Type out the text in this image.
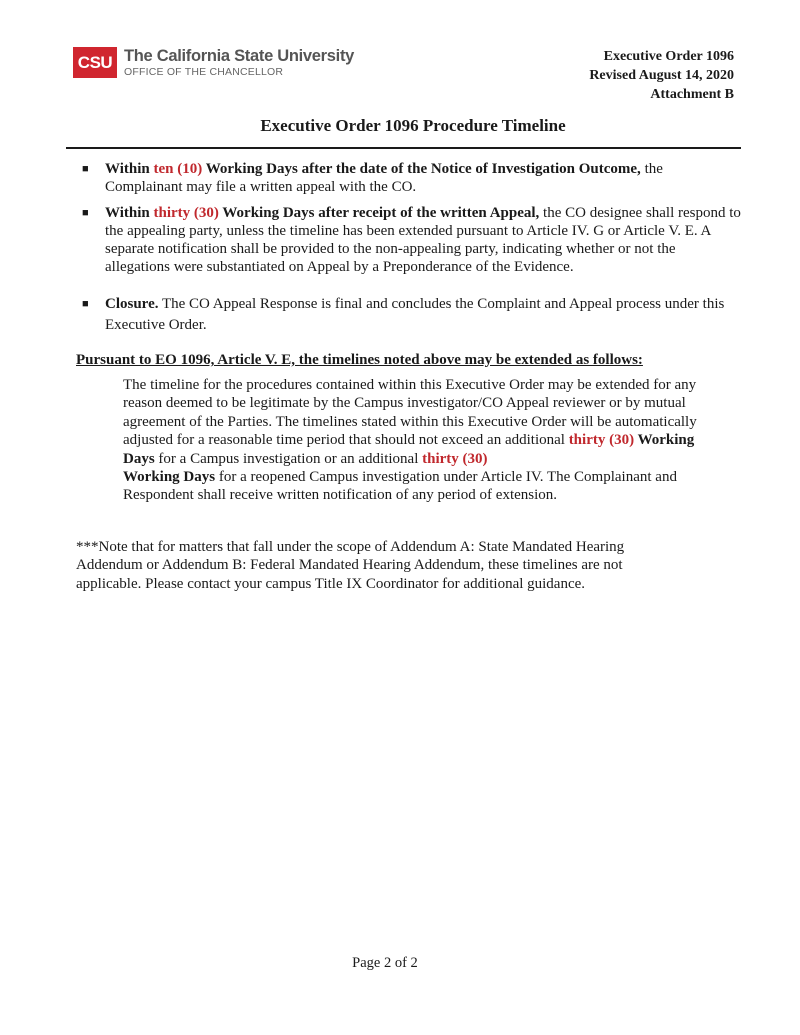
CSU The California State University
OFFICE OF THE CHANCELLOR
Executive Order 1096
Revised August 14, 2020
Attachment B
Executive Order 1096 Procedure Timeline
■ Within ten (10) Working Days after the date of the Notice of Investigation Outcome, the Complainant may file a written appeal with the CO.
■ Within thirty (30) Working Days after receipt of the written Appeal, the CO designee shall respond to the appealing party, unless the timeline has been extended pursuant to Article IV. G or Article V. E. A separate notification shall be provided to the non-appealing party, indicating whether or not the allegations were substantiated on Appeal by a Preponderance of the Evidence.
■ Closure. The CO Appeal Response is final and concludes the Complaint and Appeal process under this Executive Order.
Pursuant to EO 1096, Article V. E, the timelines noted above may be extended as follows:
The timeline for the procedures contained within this Executive Order may be extended for any reason deemed to be legitimate by the Campus investigator/CO Appeal reviewer or by mutual agreement of the Parties. The timelines stated within this Executive Order will be automatically adjusted for a reasonable time period that should not exceed an additional thirty (30) Working Days for a Campus investigation or an additional thirty (30)
Working Days for a reopened Campus investigation under Article IV. The Complainant and Respondent shall receive written notification of any period of extension.
***Note that for matters that fall under the scope of Addendum A: State Mandated Hearing Addendum or Addendum B: Federal Mandated Hearing Addendum, these timelines are not applicable. Please contact your campus Title IX Coordinator for additional guidance.
Page 2 of 2
